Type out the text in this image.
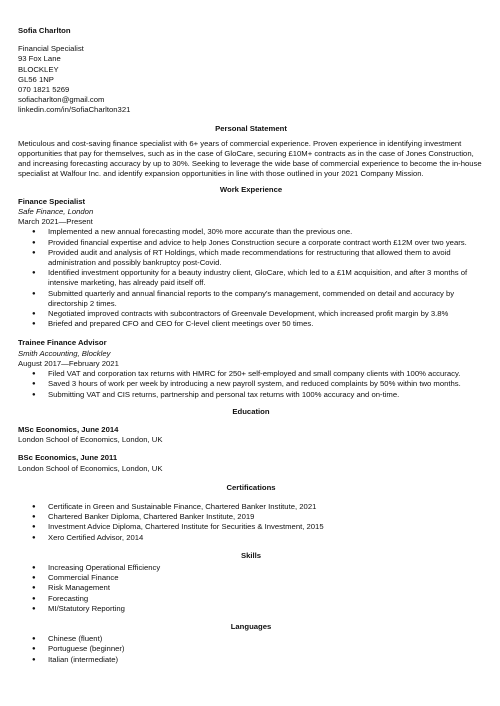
Sofia Charlton
Financial Specialist
93 Fox Lane
BLOCKLEY
GL56 1NP
070 1821 5269
sofiacharlton@gmail.com
linkedin.com/in/SofiaCharlton321
Personal Statement

Meticulous and cost-saving finance specialist with 6+ years of commercial experience. Proven experience in identifying investment opportunities that pay for themselves, such as in the case of GloCare, securing £10M+ contracts as in the case of Jones Construction, and increasing forecasting accuracy by up to 30%. Seeking to leverage the wide base of commercial experience to become the in-house specialist at Walfour Inc. and identify expansion opportunities in line with those outlined in your 2021 Company Mission.

Work Experience
Finance Specialist
Safe Finance, London
March 2021—Present
● Implemented a new annual forecasting model, 30% more accurate than the previous one.
● Provided financial expertise and advice to help Jones Construction secure a corporate contract worth £12M over two years.
● Provided audit and analysis of RT Holdings, which made recommendations for restructuring that allowed them to avoid administration and possibly bankruptcy post-Covid.
● Identified investment opportunity for a beauty industry client, GloCare, which led to a £1M acquisition, and after 3 months of intensive marketing, has already paid itself off.
● Submitted quarterly and annual financial reports to the company's management, commended on detail and accuracy by directorship 2 times.
● Negotiated improved contracts with subcontractors of Greenvale Development, which increased profit margin by 3.8%
● Briefed and prepared CFO and CEO for C-level client meetings over 50 times.
Trainee Finance Advisor
Smith Accounting, Blockley
August 2017—February 2021
● Filed VAT and corporation tax returns with HMRC for 250+ self-employed and small company clients with 100% accuracy.
● Saved 3 hours of work per week by introducing a new payroll system, and reduced complaints by 50% within two months.
● Submitting VAT and CIS returns, partnership and personal tax returns with 100% accuracy and on-time.
Education
MSc Economics, June 2014
London School of Economics, London, UK
BSc Economics, June 2011
London School of Economics, London, UK
Certifications
● Certificate in Green and Sustainable Finance, Chartered Banker Institute, 2021
● Chartered Banker Diploma, Chartered Banker Institute, 2019
● Investment Advice Diploma, Chartered Institute for Securities & Investment, 2015
● Xero Certified Advisor, 2014
Skills
● Increasing Operational Efficiency
● Commercial Finance
● Risk Management
● Forecasting
● MI/Statutory Reporting
Languages
● Chinese (fluent)
● Portuguese (beginner)
● Italian (intermediate)
